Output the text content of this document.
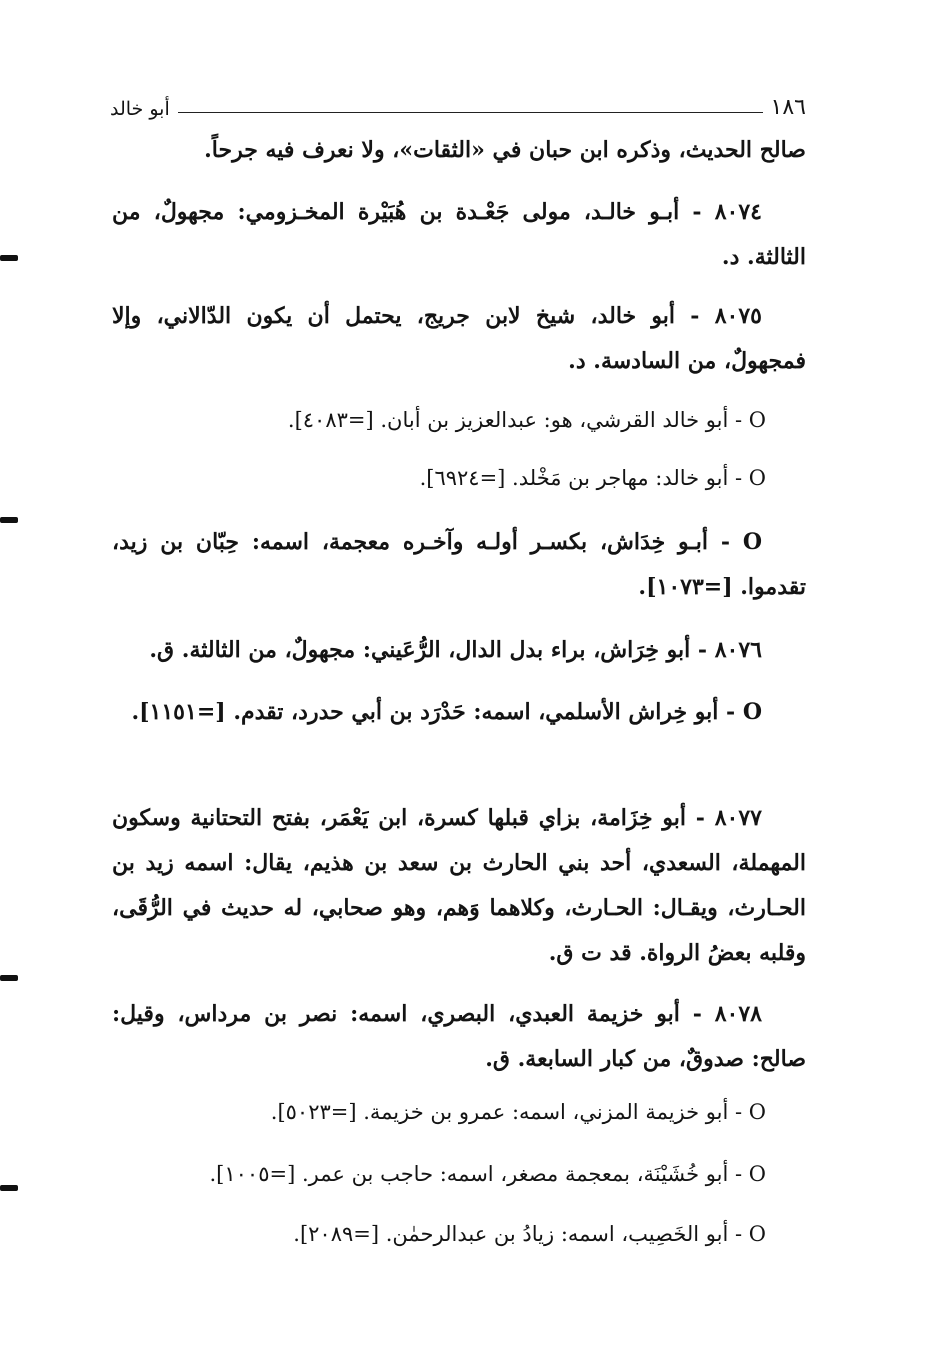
١٨٦
أبو خالد

صالح الحديث، وذكره ابن حبان في «الثقات»، ولا نعرف فيه جرحاً.

٨٠٧٤ - أبـو خالـد، مولى جَعْـدة بن هُبَيْرة المخـزومي: مجهولٌ، من الثالثة. د.

٨٠٧٥ - أبو خالد، شيخ لابن جريج، يحتمل أن يكون الدّالاني، وإلا فمجهولٌ، من السادسة. د.

O - أبو خالد القرشي، هو: عبدالعزيز بن أبان. [=٤٠٨٣].

O - أبو خالد: مهاجر بن مَخْلد. [=٦٩٢٤].

O - أبـو خِدَاش، بكسـر أولـه وآخـره معجمة، اسمه: حِبّان بن زيد، تقدموا. [=١٠٧٣].

٨٠٧٦ - أبو خِرَاش، براء بدل الدال، الرُّعَيني: مجهولٌ، من الثالثة. ق.

O - أبو خِراش الأسلمي، اسمه: حَدْرَد بن أبي حدرد، تقدم. [=١١٥١].

٨٠٧٧ - أبو خِزَامة، بزاي قبلها كسرة، ابن يَعْمَر، بفتح التحتانية وسكون المهملة، السعدي، أحد بني الحارث بن سعد بن هذيم، يقال: اسمه زيد بن الحـارث، ويقـال: الحـارث، وكلاهما وَهم، وهو صحابي، له حديث في الرُّقَى، وقلبه بعضُ الرواة. قد ت ق.

٨٠٧٨ - أبو خزيمة العبدي، البصري، اسمه: نصر بن مرداس، وقيل: صالح: صدوقٌ، من كبار السابعة. ق.

O - أبو خزيمة المزني، اسمه: عمرو بن خزيمة. [=٥٠٢٣].

O - أبو خُشَيْنَة، بمعجمة مصغر، اسمه: حاجب بن عمر. [=١٠٠٥].

O - أبو الخَصِيب، اسمه: زيادُ بن عبدالرحمٰن. [=٢٠٨٩].
